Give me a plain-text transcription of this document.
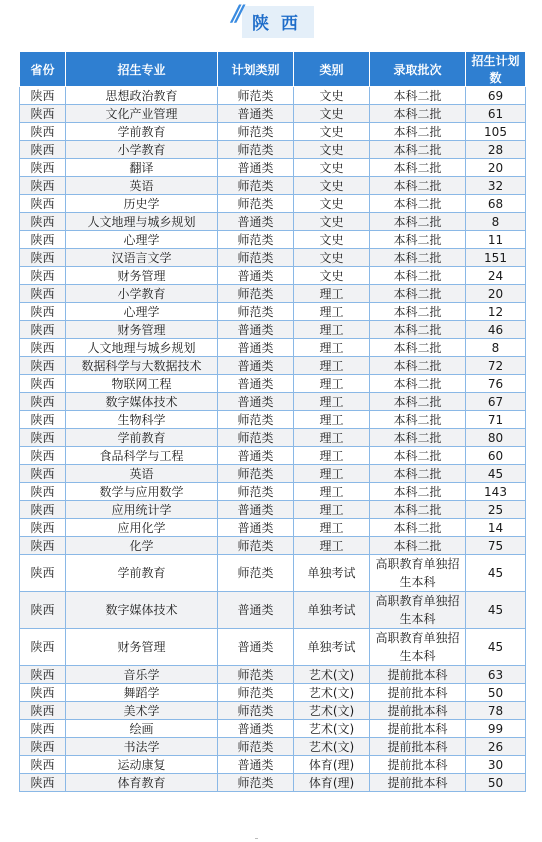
// 陕 西
省份	招生专业	计划类别	类别	录取批次	招生计划数
陕西	思想政治教育	师范类	文史	本科二批	69
陕西	文化产业管理	普通类	文史	本科二批	61
陕西	学前教育	师范类	文史	本科二批	105
陕西	小学教育	师范类	文史	本科二批	28
陕西	翻译	普通类	文史	本科二批	20
陕西	英语	师范类	文史	本科二批	32
陕西	历史学	师范类	文史	本科二批	68
陕西	人文地理与城乡规划	普通类	文史	本科二批	8
陕西	心理学	师范类	文史	本科二批	11
陕西	汉语言文学	师范类	文史	本科二批	151
陕西	财务管理	普通类	文史	本科二批	24
陕西	小学教育	师范类	理工	本科二批	20
陕西	心理学	师范类	理工	本科二批	12
陕西	财务管理	普通类	理工	本科二批	46
陕西	人文地理与城乡规划	普通类	理工	本科二批	8
陕西	数据科学与大数据技术	普通类	理工	本科二批	72
陕西	物联网工程	普通类	理工	本科二批	76
陕西	数字媒体技术	普通类	理工	本科二批	67
陕西	生物科学	师范类	理工	本科二批	71
陕西	学前教育	师范类	理工	本科二批	80
陕西	食品科学与工程	普通类	理工	本科二批	60
陕西	英语	师范类	理工	本科二批	45
陕西	数学与应用数学	师范类	理工	本科二批	143
陕西	应用统计学	普通类	理工	本科二批	25
陕西	应用化学	普通类	理工	本科二批	14
陕西	化学	师范类	理工	本科二批	75
陕西	学前教育	师范类	单独考试	高职教育单独招生本科	45
陕西	数字媒体技术	普通类	单独考试	高职教育单独招生本科	45
陕西	财务管理	普通类	单独考试	高职教育单独招生本科	45
陕西	音乐学	师范类	艺术(文)	提前批本科	63
陕西	舞蹈学	师范类	艺术(文)	提前批本科	50
陕西	美术学	师范类	艺术(文)	提前批本科	78
陕西	绘画	普通类	艺术(文)	提前批本科	99
陕西	书法学	师范类	艺术(文)	提前批本科	26
陕西	运动康复	普通类	体育(理)	提前批本科	30
陕西	体育教育	师范类	体育(理)	提前批本科	50
